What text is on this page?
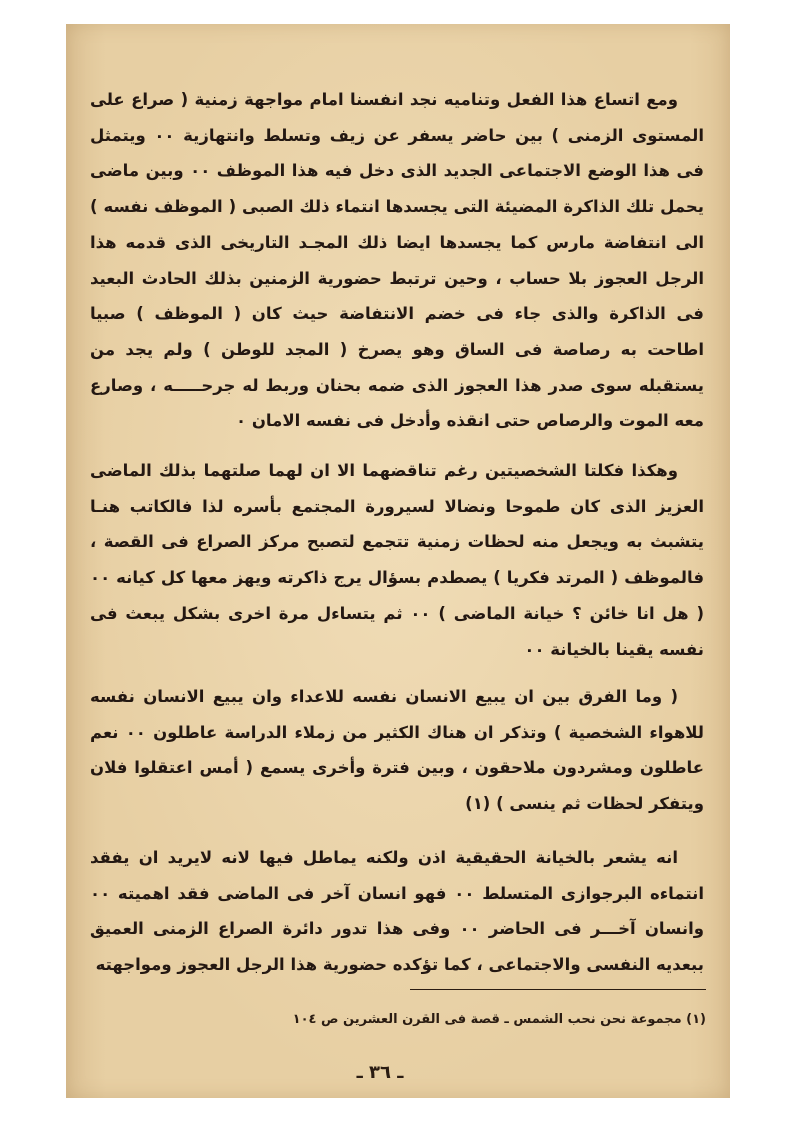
ومع اتساع هذا الفعل وتناميه نجد انفسنا امام مواجهة زمنية ( صراع على المستوى الزمنى ) بين حاضر يسفر عن زيف وتسلط وانتهازية ٠٠ ويتمثل فى هذا الوضع الاجتماعى الجديد الذى دخل فيه هذا الموظف ٠٠ وبين ماضى يحمل تلك الذاكرة المضيئة التى يجسدها انتماء ذلك الصبى ( الموظف نفسه ) الى انتفاضة مارس كما يجسدها ايضا ذلك المجـد التاريخى الذى قدمه هذا الرجل العجوز بلا حساب ، وحين ترتبط حضورية الزمنين بذلك الحادث البعيد فى الذاكرة والذى جاء فى خضم الانتفاضة حيث كان ( الموظف ) صبيا اطاحت به رصاصة فى الساق وهو يصرخ ( المجد للوطن ) ولم يجد من يستقبله سوى صدر هذا العجوز الذى ضمه بحنان وربط له جرحـــــه ، وصارع معه الموت والرصاص حتى انقذه وأدخل فى نفسه الامان ٠

وهكذا فكلتا الشخصيتين رغم تناقضهما الا ان لهما صلتهما بذلك الماضى العزيز الذى كان طموحا ونضالا لسيرورة المجتمع بأسره لذا فالكاتب هنـا يتشبث به ويجعل منه لحظات زمنية تتجمع لتصبح مركز الصراع فى القصة ، فالموظف ( المرتد فكريا ) يصطدم بسؤال يرج ذاكرته ويهز معها كل كيانه ٠٠ ( هل انا خائن ؟ خيانة الماضى ) ٠٠ ثم يتساءل مرة اخرى بشكل يبعث فى نفسه يقينا بالخيانة ٠٠

( وما الفرق بين ان يبيع الانسان نفسه للاعداء وان يبيع الانسان نفسه للاهواء الشخصية ) وتذكر ان هناك الكثير من زملاء الدراسة عاطلون ٠٠ نعم عاطلون ومشردون ملاحقون ، وبين فترة وأخرى يسمع ( أمس اعتقلوا فلان ويتفكر لحظات ثم ينسى ) (١)

انه يشعر بالخيانة الحقيقية اذن ولكنه يماطل فيها لانه لايريد ان يفقد انتماءه البرجوازى المتسلط ٠٠ فهو انسان آخر فى الماضى فقد اهميته ٠٠ وانسان آخـــر فى الحاضر ٠٠ وفى هذا تدور دائرة الصراع الزمنى العميق ببعديه النفسى والاجتماعى ، كما تؤكده حضورية هذا الرجل العجوز ومواجهته

(١) مجموعة نحن نحب الشمس ـ قصة فى القرن العشرين ص ١٠٤
ـ ٣٦ ـ
